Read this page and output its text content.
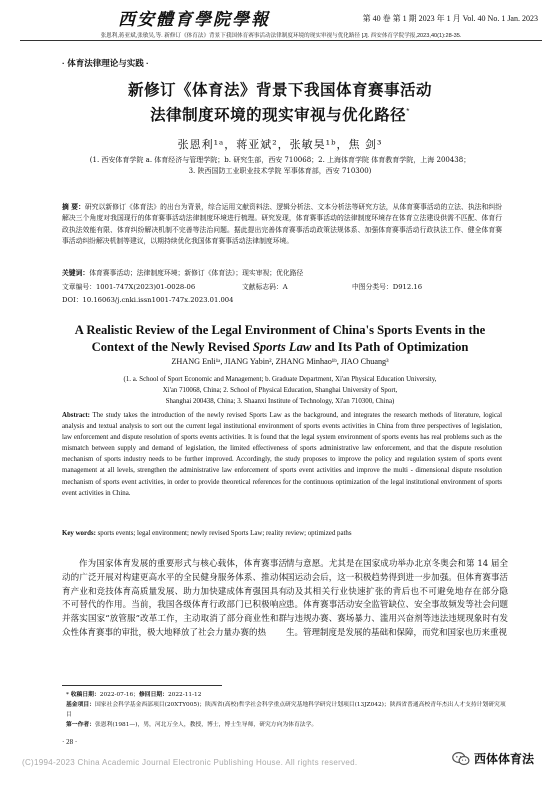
西安體育學院學報	第 40 卷 第 1 期 2023 年 1 月 Vol. 40 No. 1 Jan. 2023
张恩利,蒋亚斌,张敏吴,等. 新修订《体育法》背景下我国体育赛事活动法律制度环境的现实审视与优化路径 [J]. 西安体育学院学报,2023,40(1):28-35.
· 体育法律理论与实践 ·
新修订《体育法》背景下我国体育赛事活动
法律制度环境的现实审视与优化路径*
张恩利¹ᵃ，蒋亚斌²，张敏昊¹ᵇ，焦 剑³
(1. 西安体育学院 a. 体育经济与管理学院；b. 研究生部，西安 710068；2. 上海体育学院 体育教育学院，上海 200438；
3. 陕西国防工业职业技术学院 军事体育部，西安 710300)
摘 要：研究以新修订《体育法》的出台为背景，综合运用文献资料法、逻辑分析法、文本分析法等研究方法，从体育赛事活动的立法、执法和纠纷解决三个角度对我国现行的体育赛事活动法律制度环境进行梳理。研究发现，体育赛事活动的法律制度环境存在体育立法建设供需不匹配、体育行政执法效能有限、体育纠纷解决机制不完善等法治问题。据此提出完善体育赛事活动政策法规体系、加强体育赛事活动行政执法工作、健全体育赛事活动纠纷解决机制等建议，以期持续优化我国体育赛事活动法律制度环境。
关键词：体育赛事活动；法律制度环境；新修订《体育法》；现实审视；优化路径
文章编号：1001-747X(2023)01-0028-06	文献标志码：A	中图分类号：D912.16
DOI：10.16063/j.cnki.issn1001-747x.2023.01.004
A Realistic Review of the Legal Environment of China's Sports Events in the
Context of the Newly Revised Sports Law and Its Path of Optimization
ZHANG Enli¹ᵃ, JIANG Yabin², ZHANG Minhao¹ᵇ, JIAO Chuang³
(1. a. School of Sport Economic and Management; b. Graduate Department, Xi'an Physical Education University,
Xi'an 710068, China; 2. School of Physical Education, Shanghai University of Sport,
Shanghai 200438, China; 3. Shaanxi Institute of Technology, Xi'an 710300, China)
Abstract: The study takes the introduction of the newly revised Sports Law as the background, and integrates the research methods of literature, logical analysis and textual analysis to sort out the current legal institutional environment of sports events activities in China from three perspectives of legislation, law enforcement and dispute resolution of sports events activities. It is found that the legal system environment of sports events has real problems such as the mismatch between supply and demand of legislation, the limited effectiveness of sports administrative law enforcement, and that the dispute resolution mechanism of sports industry needs to be further improved. Accordingly, the study proposes to improve the policy and regulation system of sports event management at all levels, strengthen the administrative law enforcement of sports event activities and improve the multi - dimensional dispute resolution mechanism of sports event activities, in order to provide theoretical references for the continuous optimization of the legal institutional environment of sports event activities in China.
Key words: sports events; legal environment; newly revised Sports Law; reality review; optimized paths
作为国家体育发展的重要形式与核心载体，体育赛事活动的广泛开展对构建更高水平的全民健身服务体系、推动体育产业和竞技体育高质量发展、助力加快建成体育强国具有不可替代的作用。当前，我国各级体育行政部门已积极响应并落实国家“放管服”改革工作，主动取消了部分商业性和群众性体育赛事的审批，极大地释放了社会力量办赛的热
情与意愿。尤其是在国家成功举办北京冬奥会和第 14 届全国运动会后，这一积极趋势得到进一步加强。但体育赛事活动及其相关行业快速扩张的背后也不可避免地存在部分隐患。体育赛事活动安全监管缺位、安全事故频发等社会问题与违规办赛、赛场暴力、滥用兴奋剂等违法违规现象时有发生。管理制度是发展的基础和保障，而党和国家也历来重视
* 收稿日期：2022-07-16；修回日期：2022-11-12
基金项目：国家社会科学基金西部项目(20XTY005)；陕西省(高校)哲学社会科学重点研究基地科学研究计划项目(13JZ042)；陕西省普通高校青年杰出人才支持计划研究项目
第一作者：张恩利(1981—)，男，河北万全人，教授，博士，博士生导师，研究方向为体育法学。
· 28 ·
(C)1994-2023 China Academic Journal Electronic Publishing House. All rights reserved.	西体体育法
